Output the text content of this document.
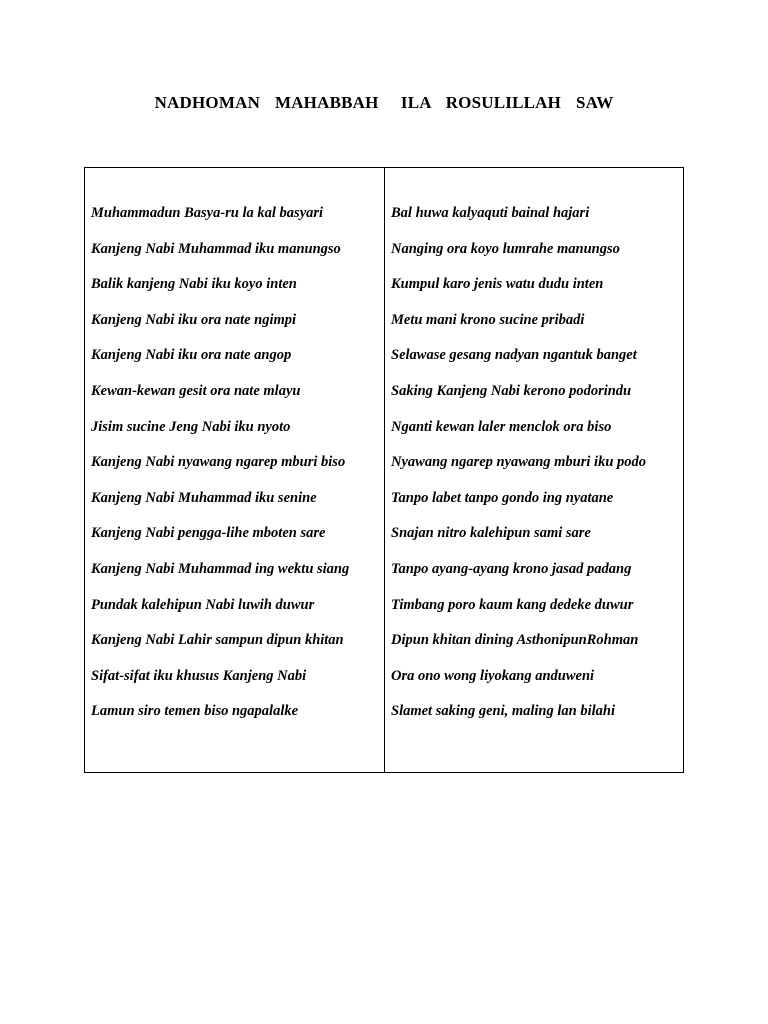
NADHOMAN  MAHABBAH   ILA  ROSULILLAH  SAW
Muhammadun Basya-ru la kal basyari
Kanjeng Nabi Muhammad iku manungso
Balik kanjeng Nabi iku koyo inten
Kanjeng Nabi iku ora nate ngimpi
Kanjeng Nabi iku ora nate angop
Kewan-kewan gesit ora nate mlayu
Jisim sucine Jeng Nabi iku nyoto
Kanjeng Nabi nyawang ngarep mburi biso
Kanjeng Nabi Muhammad iku senine
Kanjeng Nabi pengga-lihe mboten sare
Kanjeng Nabi Muhammad ing wektu siang
Pundak kalehipun Nabi luwih duwur
Kanjeng Nabi Lahir sampun dipun khitan
Sifat-sifat iku khusus Kanjeng Nabi
Lamun siro temen biso ngapalalke
Bal huwa kalyaquti bainal hajari
Nanging ora koyo lumrahe manungso
Kumpul karo jenis watu dudu inten
Metu mani krono sucine pribadi
Selawase gesang nadyan ngantuk banget
Saking Kanjeng Nabi kerono podorindu
Nganti kewan laler menclok ora biso
Nyawang ngarep nyawang mburi iku podo
Tanpo labet tanpo gondo ing nyatane
Snajan nitro kalehipun sami sare
Tanpo ayang-ayang krono jasad padang
Timbang poro kaum kang dedeke duwur
Dipun khitan dining AsthonipunRohman
Ora ono wong liyokang anduweni
Slamet saking geni, maling lan bilahi
